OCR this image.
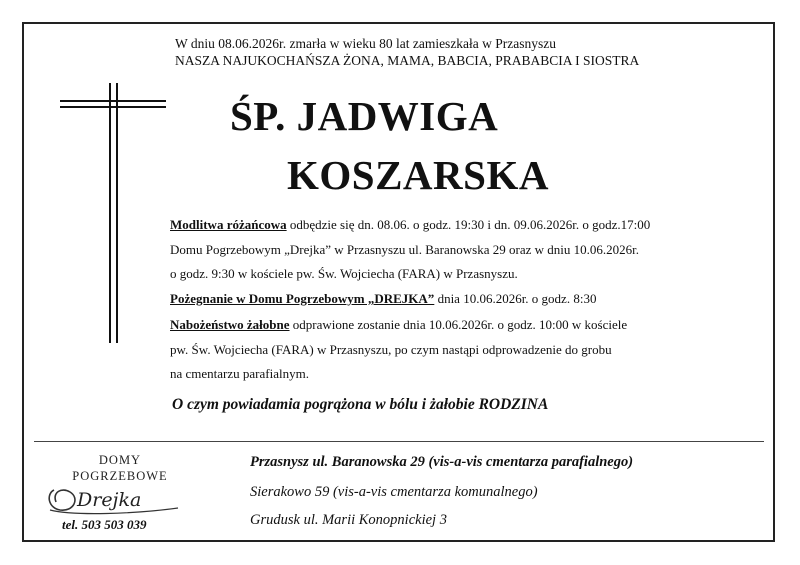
W dniu 08.06.2026r. zmarła w wieku 80 lat zamieszkała w Przasnyszu
NASZA NAJUKOCHAŃSZA ŻONA, MAMA, BABCIA, PRABABCIA I SIOSTRA
ŚP. JADWIGA
KOSZARSKA
Modlitwa różańcowa odbędzie się dn. 08.06. o godz. 19:30 i dn. 09.06.2026r. o godz.17:00
Domu Pogrzebowym „Drejka” w Przasnyszu ul. Baranowska 29 oraz w dniu 10.06.2026r.
o godz. 9:30 w kościele pw. Św. Wojciecha (FARA) w Przasnyszu.
Pożegnanie w Domu Pogrzebowym „DREJKA” dnia 10.06.2026r. o godz. 8:30
Nabożeństwo żałobne odprawione zostanie dnia 10.06.2026r. o godz. 10:00 w kościele
pw. Św. Wojciecha (FARA) w Przasnyszu, po czym nastąpi odprowadzenie do grobu
na cmentarzu parafialnym.
O czym powiadamia pogrążona w bólu i żałobie RODZINA
DOMY
POGRZEBOWE
Drejka
tel. 503 503 039
Przasnysz ul. Baranowska 29 (vis-a-vis cmentarza parafialnego)
Sierakowo 59 (vis-a-vis cmentarza komunalnego)
Grudusk ul. Marii Konopnickiej 3
